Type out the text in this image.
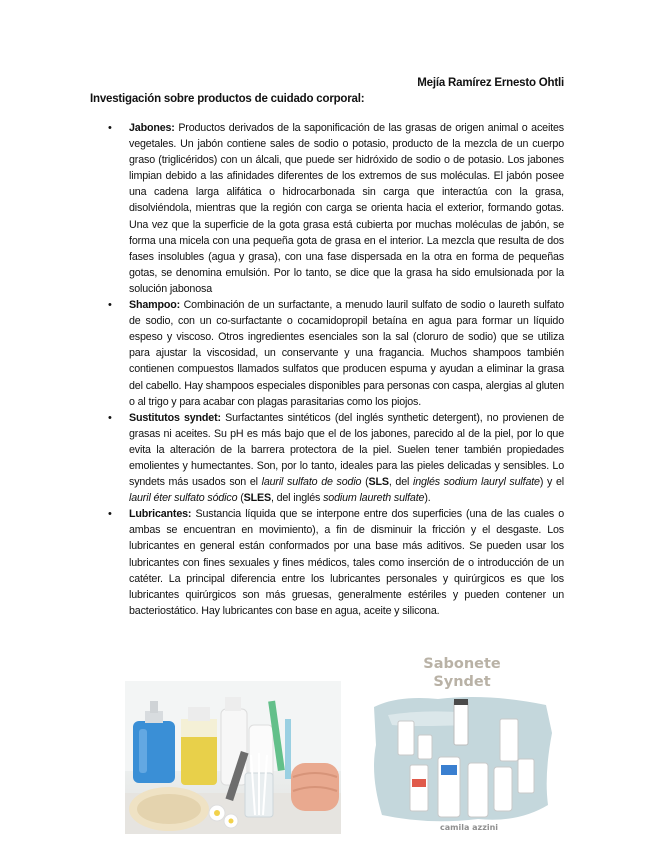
Mejía Ramírez Ernesto Ohtli
Investigación sobre productos de cuidado corporal:
• Jabones: Productos derivados de la saponificación de las grasas de origen animal o aceites vegetales. Un jabón contiene sales de sodio o potasio, producto de la mezcla de un cuerpo graso (triglicéridos) con un álcali, que puede ser hidróxido de sodio o de potasio. Los jabones limpian debido a las afinidades diferentes de los extremos de sus moléculas. El jabón posee una cadena larga alifática o hidrocarbonada sin carga que interactúa con la grasa, disolviéndola, mientras que la región con carga se orienta hacia el exterior, formando gotas. Una vez que la superficie de la gota grasa está cubierta por muchas moléculas de jabón, se forma una micela con una pequeña gota de grasa en el interior. La mezcla que resulta de dos fases insolubles (agua y grasa), con una fase dispersada en la otra en forma de pequeñas gotas, se denomina emulsión. Por lo tanto, se dice que la grasa ha sido emulsionada por la solución jabonosa
• Shampoo: Combinación de un surfactante, a menudo lauril sulfato de sodio o laureth sulfato de sodio, con un co-surfactante o cocamidopropil betaína en agua para formar un líquido espeso y viscoso. Otros ingredientes esenciales son la sal (cloruro de sodio) que se utiliza para ajustar la viscosidad, un conservante y una fragancia. Muchos shampoos también contienen compuestos llamados sulfatos que producen espuma y ayudan a eliminar la grasa del cabello. Hay shampoos especiales disponibles para personas con caspa, alergias al gluten o al trigo y para acabar con plagas parasitarias como los piojos.
• Sustitutos syndet: Surfactantes sintéticos (del inglés synthetic detergent), no provienen de grasas ni aceites. Su pH es más bajo que el de los jabones, parecido al de la piel, por lo que evita la alteración de la barrera protectora de la piel. Suelen tener también propiedades emolientes y humectantes. Son, por lo tanto, ideales para las pieles delicadas y sensibles. Lo syndets más usados son el lauril sulfato de sodio (SLS, del inglés sodium lauryl sulfate) y el lauril éter sulfato sódico (SLES, del inglés sodium laureth sulfate).
• Lubricantes: Sustancia líquida que se interpone entre dos superficies (una de las cuales o ambas se encuentran en movimiento), a fin de disminuir la fricción y el desgaste. Los lubricantes en general están conformados por una base más aditivos. Se pueden usar los lubricantes con fines sexuales y fines médicos, tales como inserción de o introducción de un catéter. La principal diferencia entre los lubricantes personales y quirúrgicos es que los lubricantes quirúrgicos son más gruesas, generalmente estériles y pueden contener un bacteriostático. Hay lubricantes con base en agua, aceite y silicona.
Sabonete
Syndet
camila azzini
